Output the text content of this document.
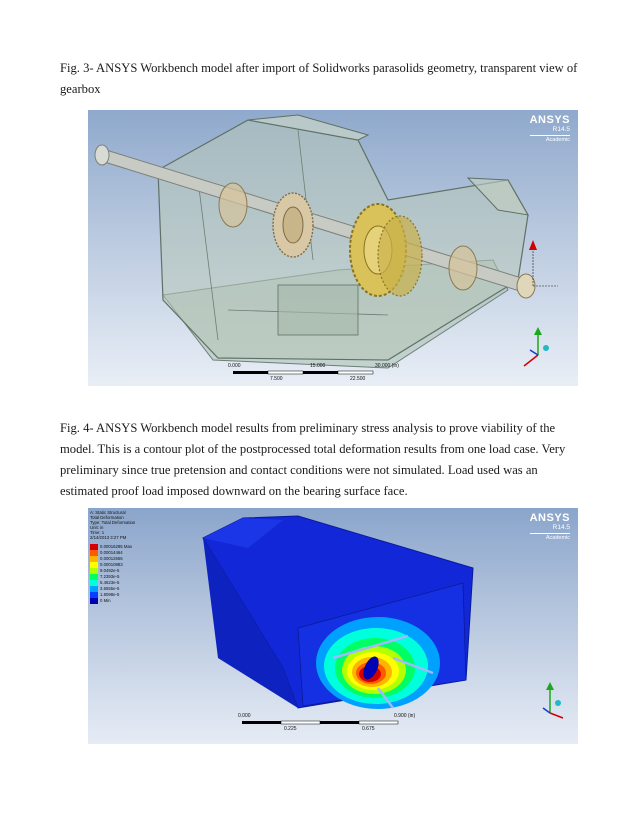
Fig. 3- ANSYS Workbench model after import of Solidworks parasolids geometry, transparent view of gearbox

ANSYS
R14.5
Academic
0.000	15.000	30.000 (in)
7.500	22.500

Fig. 4- ANSYS Workbench model results from preliminary stress analysis to prove viability of the model. This is a contour plot of the postprocessed total deformation results from one load case. Very preliminary since true pretension and contact conditions were not simulated. Load used was an estimated proof load imposed downward on the bearing surface face.

A: Static Structural
Total Deformation
Type: Total Deformation
Unit: in
Time: 1
2/14/2013 3:27 PM
0.00016285 Max
0.00014464
0.00012656
0.00010883
9.0492e-5
7.2393e-5
5.4623e-5
3.6555e-5
1.8098e-5
0 Min
ANSYS
R14.5
Academic
0.000	0.900 (in)
0.225	0.675
